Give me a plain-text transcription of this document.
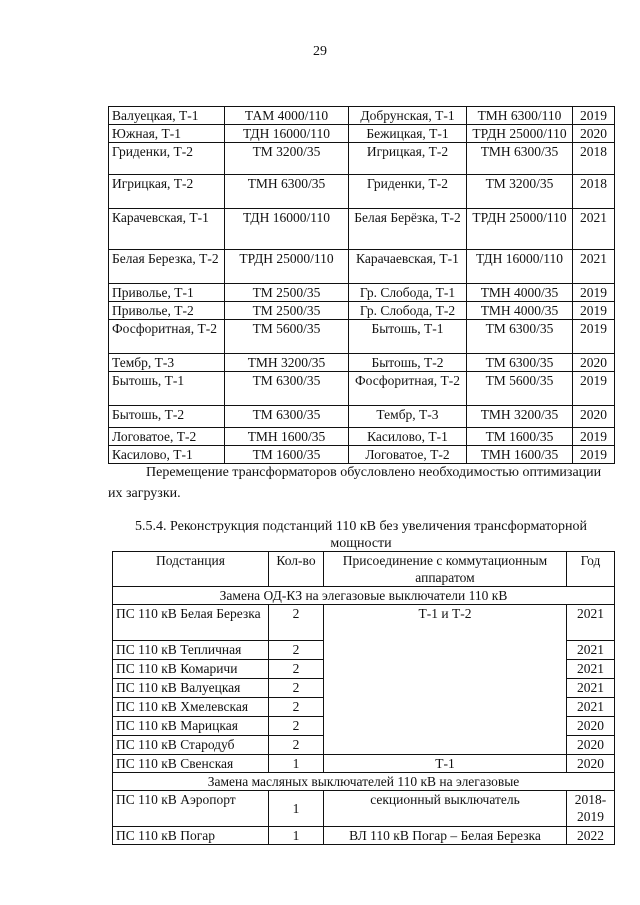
29
Валуецкая, Т-1	ТАМ 4000/110	Добрунская, Т-1	ТМН 6300/110	2019
Южная, Т-1	ТДН 16000/110	Бежицкая, Т-1	ТРДН 25000/110	2020
Гриденки, Т-2	ТМ 3200/35	Игрицкая, Т-2	ТМН 6300/35	2018
Игрицкая, Т-2	ТМН 6300/35	Гриденки, Т-2	ТМ 3200/35	2018
Карачевская, Т-1	ТДН 16000/110	Белая Берёзка, Т-2	ТРДН 25000/110	2021
Белая Березка, Т-2	ТРДН 25000/110	Карачаевская, Т-1	ТДН 16000/110	2021
Приволье, Т-1	ТМ 2500/35	Гр. Слобода, Т-1	ТМН 4000/35	2019
Приволье, Т-2	ТМ 2500/35	Гр. Слобода, Т-2	ТМН 4000/35	2019
Фосфоритная, Т-2	ТМ 5600/35	Бытошь, Т-1	ТМ 6300/35	2019
Тембр, Т-3	ТМН 3200/35	Бытошь, Т-2	ТМ 6300/35	2020
Бытошь, Т-1	ТМ 6300/35	Фосфоритная, Т-2	ТМ 5600/35	2019
Бытошь, Т-2	ТМ 6300/35	Тембр, Т-3	ТМН 3200/35	2020
Логоватое, Т-2	ТМН 1600/35	Касилово, Т-1	ТМ 1600/35	2019
Касилово, Т-1	ТМ 1600/35	Логоватое, Т-2	ТМН 1600/35	2019
Перемещение трансформаторов обусловлено необходимостью оптимизации их загрузки.
5.5.4. Реконструкция подстанций 110 кВ без увеличения трансформаторной мощности
Подстанция	Кол-во	Присоединение с коммутационным аппаратом	Год
Замена ОД-КЗ на элегазовые выключатели 110 кВ			
ПС 110 кВ Белая Березка	2	Т-1 и Т-2	2021
ПС 110 кВ Тепличная	2		2021
ПС 110 кВ Комаричи	2		2021
ПС 110 кВ Валуецкая	2		2021
ПС 110 кВ Хмелевская	2		2021
ПС 110 кВ Марицкая	2		2020
ПС 110 кВ Стародуб	2		2020
ПС 110 кВ Свенская	1	Т-1	2020
Замена масляных выключателей 110 кВ на элегазовые			
ПС 110 кВ Аэропорт	1	секционный выключатель	2018-2019
ПС 110 кВ Погар	1	ВЛ 110 кВ Погар – Белая Березка	2022
